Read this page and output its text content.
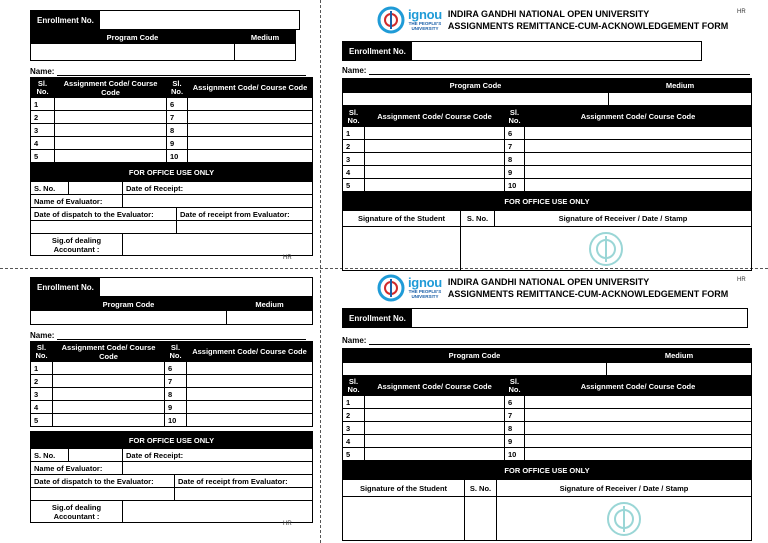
Enrollment No.
Program Code	Medium

Name:
Sl. No.	Assignment Code/ Course Code	Sl. No.	Assignment Code/ Course Code
1		6	
2		7	
3		8	
4		9	
5		10	
FOR OFFICE USE ONLY			
S. No.		Date of Receipt:	
Name of Evaluator:			
Date of dispatch to the Evaluator:			Date of receipt from Evaluator:

Sig.of dealing Accountant :			
HR
Enrollment No.
Program Code	Medium

Name:
Sl. No.	Assignment Code/ Course Code	Sl. No.	Assignment Code/ Course Code
1		6	
2		7	
3		8	
4		9	
5		10	
FOR OFFICE USE ONLY			
S. No.		Date of Receipt:	
Name of Evaluator:			
Date of dispatch to the Evaluator:			Date of receipt from Evaluator:

Sig.of dealing Accountant :			
HR
ignou
THE PEOPLE'S
UNIVERSITY
INDIRA GANDHI NATIONAL OPEN UNIVERSITY
ASSIGNMENTS REMITTANCE-CUM-ACKNOWLEDGEMENT FORM
Enrollment No.
Name:
Program Code	Medium

Sl. No.	Assignment Code/ Course Code	Sl. No.	Assignment Code/ Course Code
1		6	
2		7	
3		8	
4		9	
5		10	
FOR OFFICE USE ONLY		
Signature of the Student	S. No.	Signature of Receiver / Date / Stamp

HR
ignou
THE PEOPLE'S
UNIVERSITY
INDIRA GANDHI NATIONAL OPEN UNIVERSITY
ASSIGNMENTS REMITTANCE-CUM-ACKNOWLEDGEMENT FORM
Enrollment No.
Name:
Program Code	Medium

Sl. No.	Assignment Code/ Course Code	Sl. No.	Assignment Code/ Course Code
1		6	
2		7	
3		8	
4		9	
5		10	
FOR OFFICE USE ONLY		
Signature of the Student	S. No.	Signature of Receiver / Date / Stamp

HR
